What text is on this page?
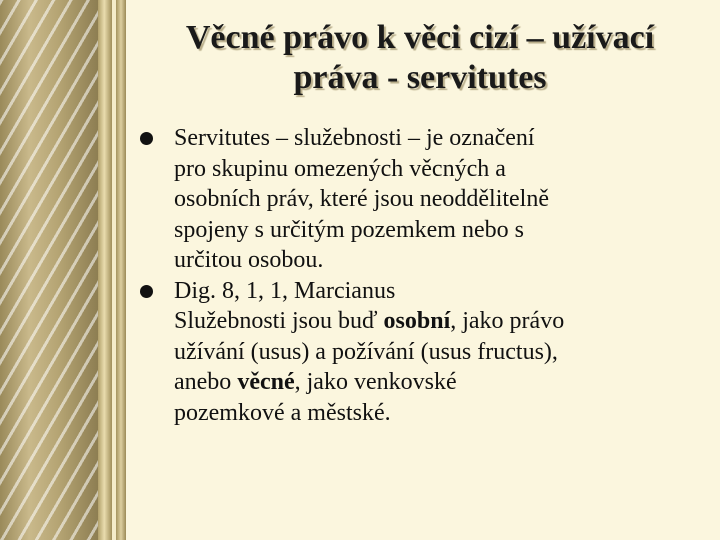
Věcné právo k věci cizí – užívací
práva - servitutes
Servitutes – služebnosti – je označení
pro skupinu omezených věcných a
osobních práv, které jsou neoddělitelně
spojeny s určitým pozemkem nebo s
určitou osobou.
Dig. 8, 1, 1, Marcianus
Služebnosti jsou buď osobní, jako právo
užívání (usus) a požívání (usus fructus),
anebo věcné, jako venkovské
pozemkové a městské.
